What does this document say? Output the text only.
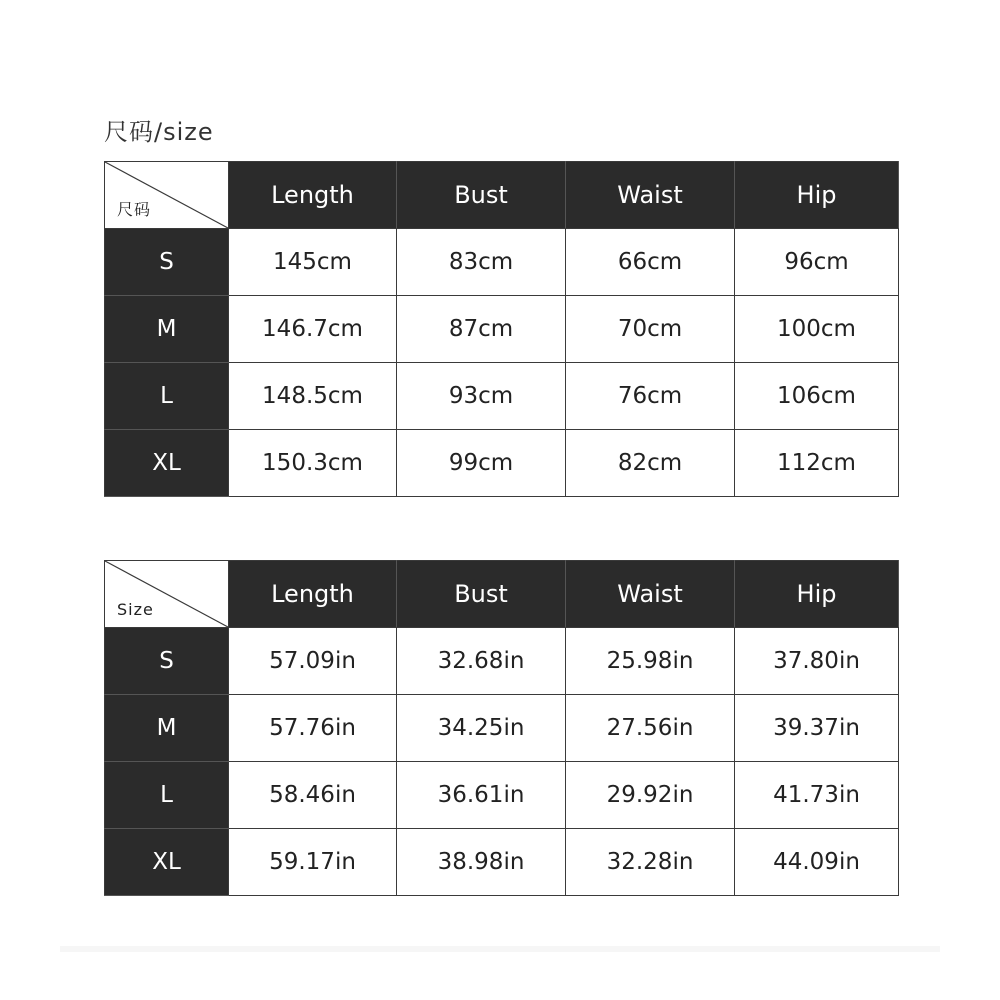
尺码/size
尺码	Length	Bust	Waist	Hip
S	145cm	83cm	66cm	96cm
M	146.7cm	87cm	70cm	100cm
L	148.5cm	93cm	76cm	106cm
XL	150.3cm	99cm	82cm	112cm
Size	Length	Bust	Waist	Hip
S	57.09in	32.68in	25.98in	37.80in
M	57.76in	34.25in	27.56in	39.37in
L	58.46in	36.61in	29.92in	41.73in
XL	59.17in	38.98in	32.28in	44.09in
